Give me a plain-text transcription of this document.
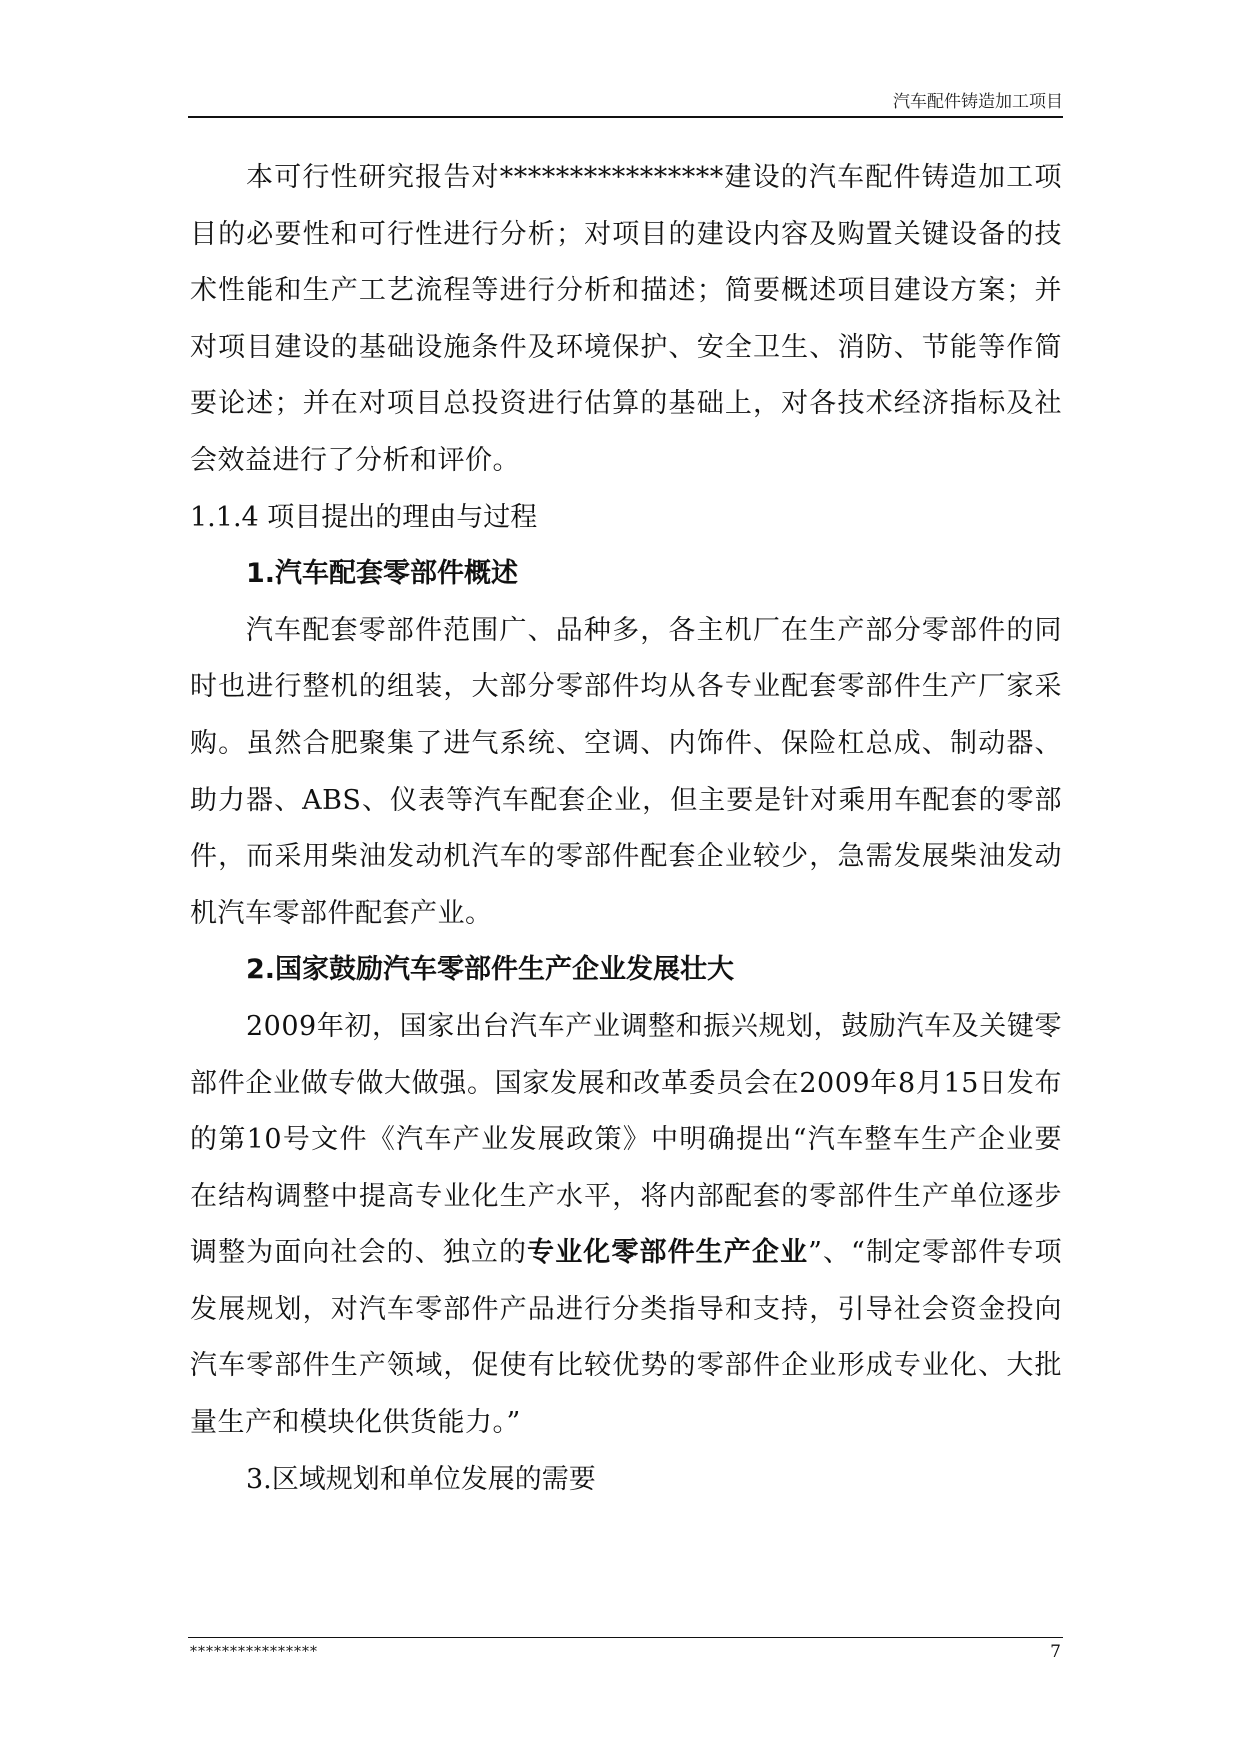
汽车配件铸造加工项目

本可行性研究报告对****************建设的汽车配件铸造加工项目的必要性和可行性进行分析；对项目的建设内容及购置关键设备的技术性能和生产工艺流程等进行分析和描述；简要概述项目建设方案；并对项目建设的基础设施条件及环境保护、安全卫生、消防、节能等作简要论述；并在对项目总投资进行估算的基础上，对各技术经济指标及社会效益进行了分析和评价。

1.1.4 项目提出的理由与过程

1.汽车配套零部件概述

汽车配套零部件范围广、品种多，各主机厂在生产部分零部件的同时也进行整机的组装，大部分零部件均从各专业配套零部件生产厂家采购。虽然合肥聚集了进气系统、空调、内饰件、保险杠总成、制动器、助力器、ABS、仪表等汽车配套企业，但主要是针对乘用车配套的零部件，而采用柴油发动机汽车的零部件配套企业较少，急需发展柴油发动机汽车零部件配套产业。

2.国家鼓励汽车零部件生产企业发展壮大

2009年初，国家出台汽车产业调整和振兴规划，鼓励汽车及关键零部件企业做专做大做强。国家发展和改革委员会在2009年8月15日发布的第10号文件《汽车产业发展政策》中明确提出“汽车整车生产企业要在结构调整中提高专业化生产水平，将内部配套的零部件生产单位逐步调整为面向社会的、独立的专业化零部件生产企业”、“制定零部件专项发展规划，对汽车零部件产品进行分类指导和支持，引导社会资金投向汽车零部件生产领域，促使有比较优势的零部件企业形成专业化、大批量生产和模块化供货能力。”

3.区域规划和单位发展的需要

****************	7
